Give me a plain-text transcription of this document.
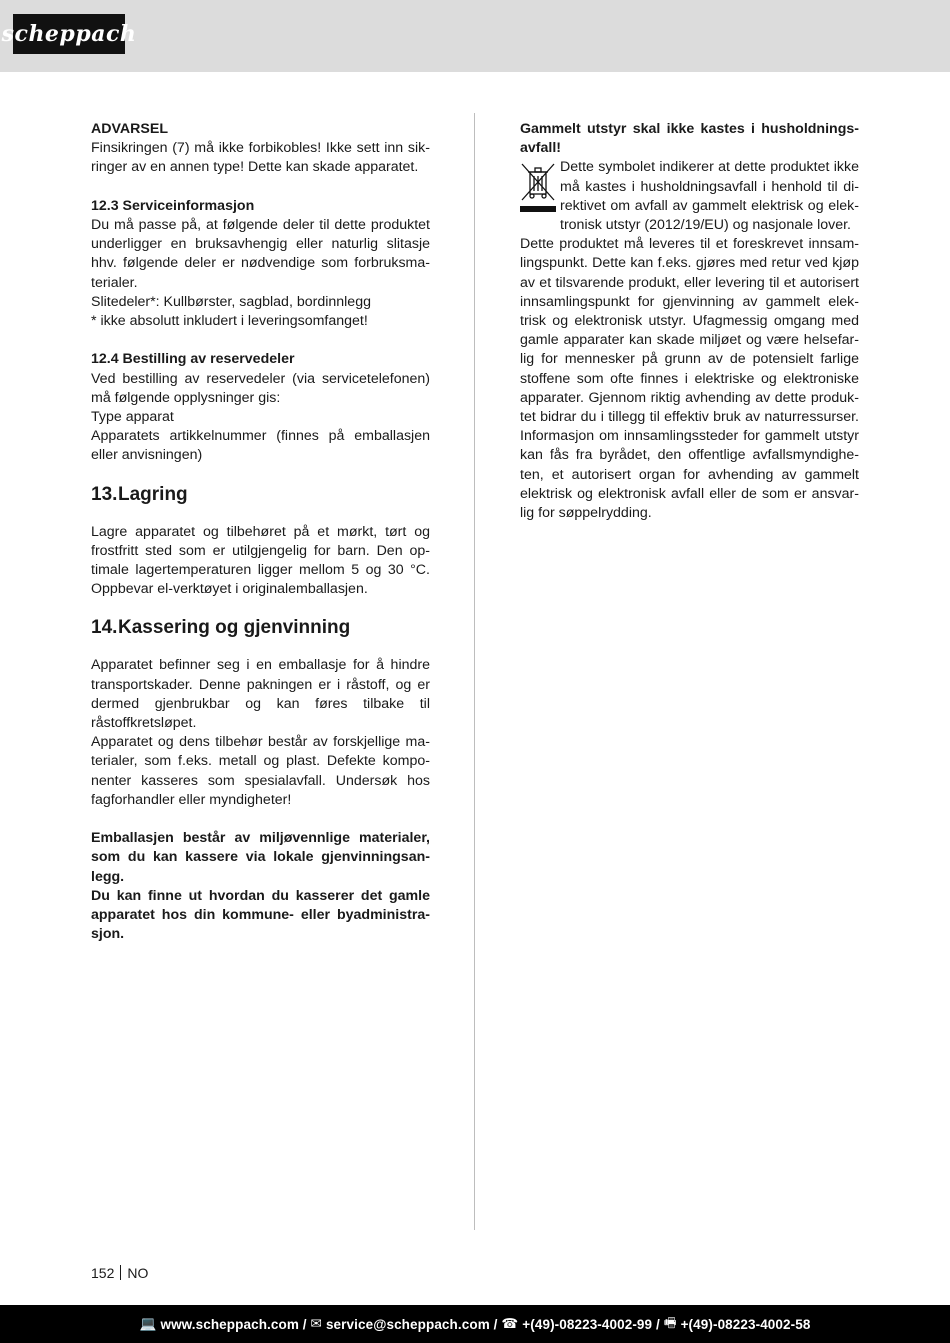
scheppach

ADVARSEL

Finsikringen (7) må ikke forbikobles! Ikke sett inn sikringer av en annen type! Dette kan skade apparatet.

12.3 Serviceinformasjon

Du må passe på, at følgende deler til dette produktet underligger en bruksavhengig eller naturlig slitasje hhv. følgende deler er nødvendige som forbruksmaterialer.

Slitedeler*: Kullbørster, sagblad, bordinnlegg

* ikke absolutt inkludert i leveringsomfanget!

12.4 Bestilling av reservedeler

Ved bestilling av reservedeler (via servicetelefonen) må følgende opplysninger gis:

Type apparat

Apparatets artikkelnummer (finnes på emballasjen eller anvisningen)

13.Lagring

Lagre apparatet og tilbehøret på et mørkt, tørt og frostfritt sted som er utilgjengelig for barn. Den optimale lagertemperaturen ligger mellom 5 og 30 °C. Oppbevar el-verktøyet i originalemballasjen.

14.Kassering og gjenvinning

Apparatet befinner seg i en emballasje for å hindre transportskader. Denne pakningen er i råstoff, og er dermed gjenbrukbar og kan føres tilbake til råstoffkretsløpet.

Apparatet og dens tilbehør består av forskjellige materialer, som f.eks. metall og plast. Defekte komponenter kasseres som spesialavfall. Undersøk hos fagforhandler eller myndigheter!

Emballasjen består av miljøvennlige materialer, som du kan kassere via lokale gjenvinningsanlegg.

Du kan finne ut hvordan du kasserer det gamle apparatet hos din kommune- eller byadministrasjon.

Gammelt utstyr skal ikke kastes i husholdningsavfall!

Dette symbolet indikerer at dette produktet ikke må kastes i husholdningsavfall i henhold til direktivet om avfall av gammelt elektrisk og elektronisk utstyr (2012/19/EU) og nasjonale lover.

Dette produktet må leveres til et foreskrevet innsamlingspunkt. Dette kan f.eks. gjøres med retur ved kjøp av et tilsvarende produkt, eller levering til et autorisert innsamlingspunkt for gjenvinning av gammelt elektrisk og elektronisk utstyr. Ufagmessig omgang med gamle apparater kan skade miljøet og være helsefarlig for mennesker på grunn av de potensielt farlige stoffene som ofte finnes i elektriske og elektroniske apparater. Gjennom riktig avhending av dette produktet bidrar du i tillegg til effektiv bruk av naturressurser. Informasjon om innsamlingssteder for gammelt utstyr kan fås fra byrådet, den offentlige avfallsmyndigheten, et autorisert organ for avhending av gammelt elektrisk og elektronisk avfall eller de som er ansvarlig for søppelrydding.

152 NO
💻 www.scheppach.com /
✉ service@scheppach.com /
☎ +(49)-08223-4002-99 /
🖷 +(49)-08223-4002-58
